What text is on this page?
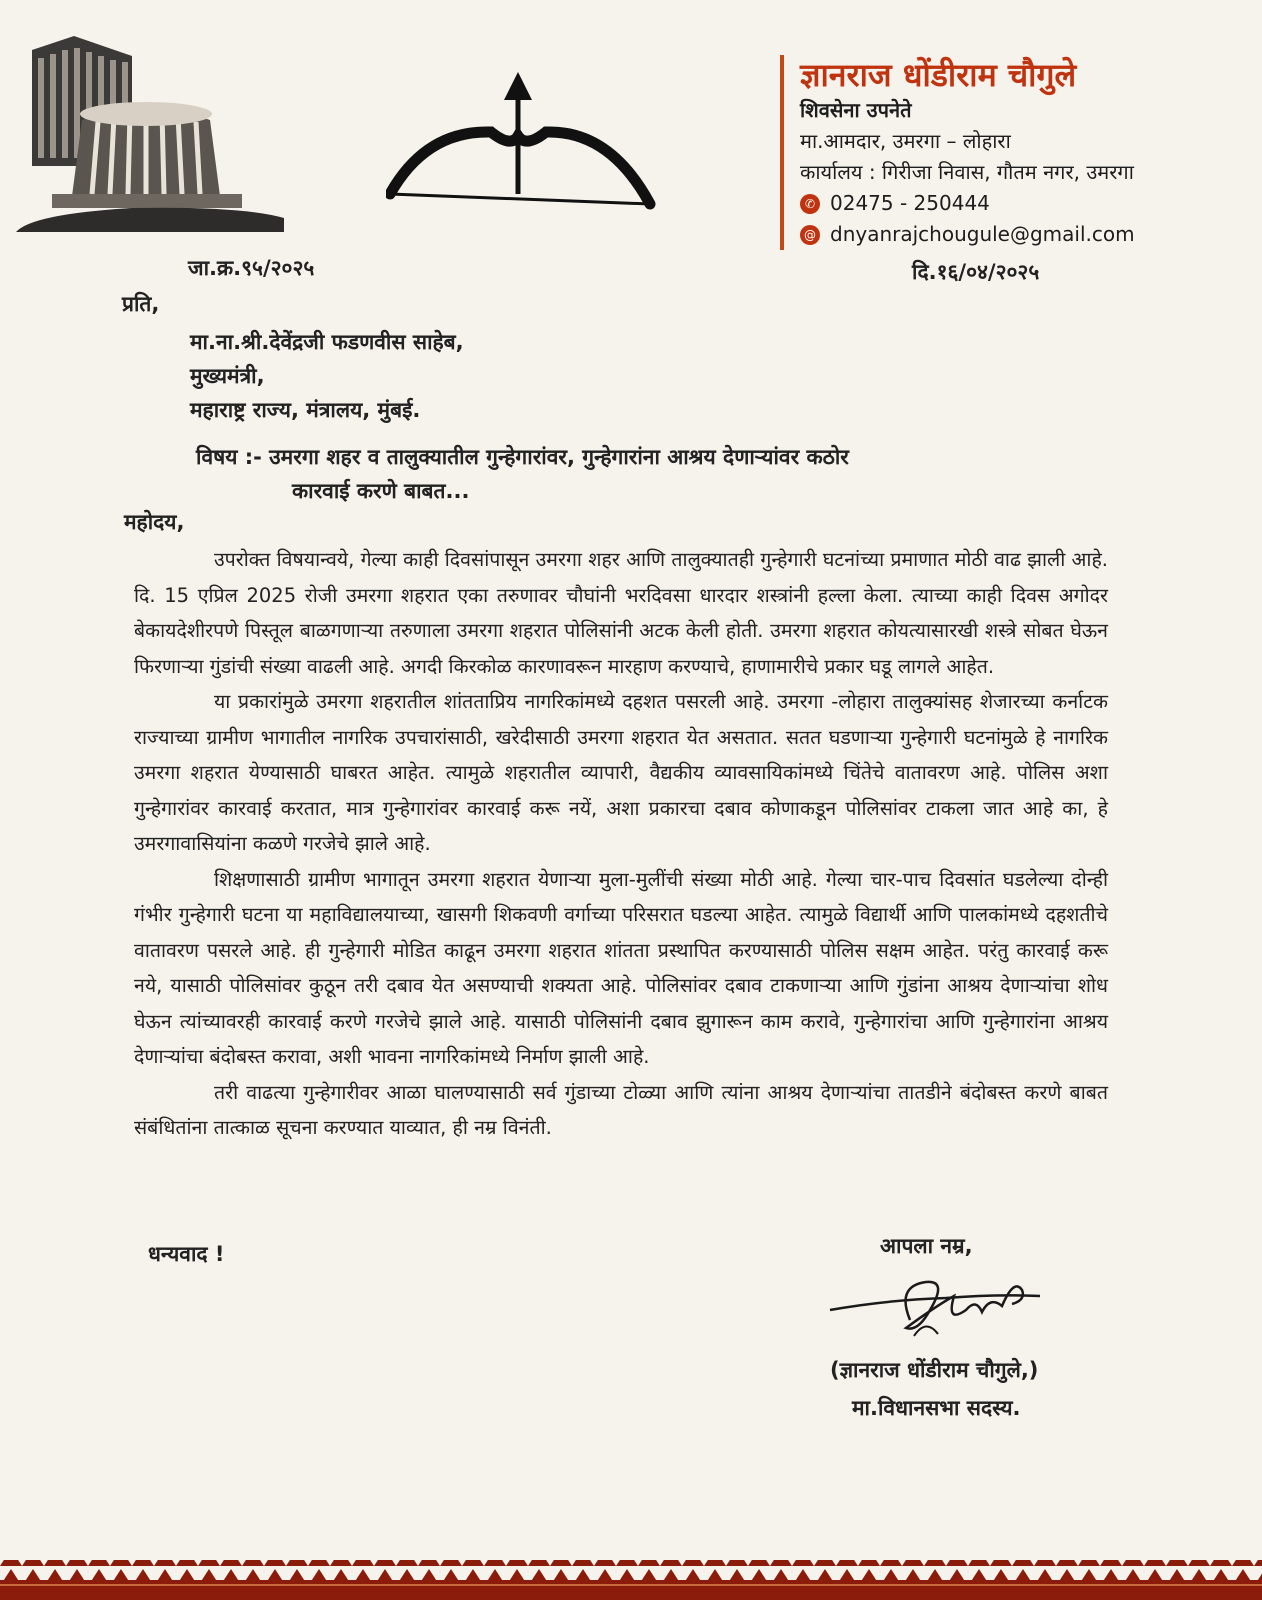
ज्ञानराज धोंडीराम चौगुले
शिवसेना उपनेते
मा.आमदार, उमरगा – लोहारा
कार्यालय : गिरीजा निवास, गौतम नगर, उमरगा
✆ 02475 - 250444
@ dnyanrajchougule@gmail.com
जा.क्र.९५/२०२५	दि.१६/०४/२०२५
प्रति,
मा.ना.श्री.देवेंद्रजी फडणवीस साहेब,
मुख्यमंत्री,
महाराष्ट्र राज्य, मंत्रालय, मुंबई.
विषय :- उमरगा शहर व तालुक्यातील गुन्हेगारांवर, गुन्हेगारांना आश्रय देणाऱ्यांवर कठोर
कारवाई करणे बाबत...
महोदय,

उपरोक्त विषयान्वये, गेल्या काही दिवसांपासून उमरगा शहर आणि तालुक्यातही गुन्हेगारी घटनांच्या प्रमाणात मोठी वाढ झाली आहे. दि. 15 एप्रिल 2025 रोजी उमरगा शहरात एका तरुणावर चौघांनी भरदिवसा धारदार शस्त्रांनी हल्ला केला. त्याच्या काही दिवस अगोदर बेकायदेशीरपणे पिस्तूल बाळगणाऱ्या तरुणाला उमरगा शहरात पोलिसांनी अटक केली होती. उमरगा शहरात कोयत्यासारखी शस्त्रे सोबत घेऊन फिरणाऱ्या गुंडांची संख्या वाढली आहे. अगदी किरकोळ कारणावरून मारहाण करण्याचे, हाणामारीचे प्रकार घडू लागले आहेत.

या प्रकारांमुळे उमरगा शहरातील शांतताप्रिय नागरिकांमध्ये दहशत पसरली आहे. उमरगा -लोहारा तालुक्यांसह शेजारच्या कर्नाटक राज्याच्या ग्रामीण भागातील नागरिक उपचारांसाठी, खरेदीसाठी उमरगा शहरात येत असतात. सतत घडणाऱ्या गुन्हेगारी घटनांमुळे हे नागरिक उमरगा शहरात येण्यासाठी घाबरत आहेत. त्यामुळे शहरातील व्यापारी, वैद्यकीय व्यावसायिकांमध्ये चिंतेचे वातावरण आहे. पोलिस अशा गुन्हेगारांवर कारवाई करतात, मात्र गुन्हेगारांवर कारवाई करू नयें, अशा प्रकारचा दबाव कोणाकडून पोलिसांवर टाकला जात आहे का, हे उमरगावासियांना कळणे गरजेचे झाले आहे.

शिक्षणासाठी ग्रामीण भागातून उमरगा शहरात येणाऱ्या मुला-मुलींची संख्या मोठी आहे. गेल्या चार-पाच दिवसांत घडलेल्या दोन्ही गंभीर गुन्हेगारी घटना या महाविद्यालयाच्या, खासगी शिकवणी वर्गाच्या परिसरात घडल्या आहेत. त्यामुळे विद्यार्थी आणि पालकांमध्ये दहशतीचे वातावरण पसरले आहे. ही गुन्हेगारी मोडित काढून उमरगा शहरात शांतता प्रस्थापित करण्यासाठी पोलिस सक्षम आहेत. परंतु कारवाई करू नये, यासाठी पोलिसांवर कुठून तरी दबाव येत असण्याची शक्यता आहे. पोलिसांवर दबाव टाकणाऱ्या आणि गुंडांना आश्रय देणाऱ्यांचा शोध घेऊन त्यांच्यावरही कारवाई करणे गरजेचे झाले आहे. यासाठी पोलिसांनी दबाव झुगारून काम करावे, गुन्हेगारांचा आणि गुन्हेगारांना आश्रय देणाऱ्यांचा बंदोबस्त करावा, अशी भावना नागरिकांमध्ये निर्माण झाली आहे.

तरी वाढत्या गुन्हेगारीवर आळा घालण्यासाठी सर्व गुंडाच्या टोळ्या आणि त्यांना आश्रय देणाऱ्यांचा तातडीने बंदोबस्त करणे बाबत संबंधितांना तात्काळ सूचना करण्यात याव्यात, ही नम्र विनंती.

धन्यवाद !	आपला नम्र,
(ज्ञानराज धोंडीराम चौगुले,)
मा.विधानसभा सदस्य.
